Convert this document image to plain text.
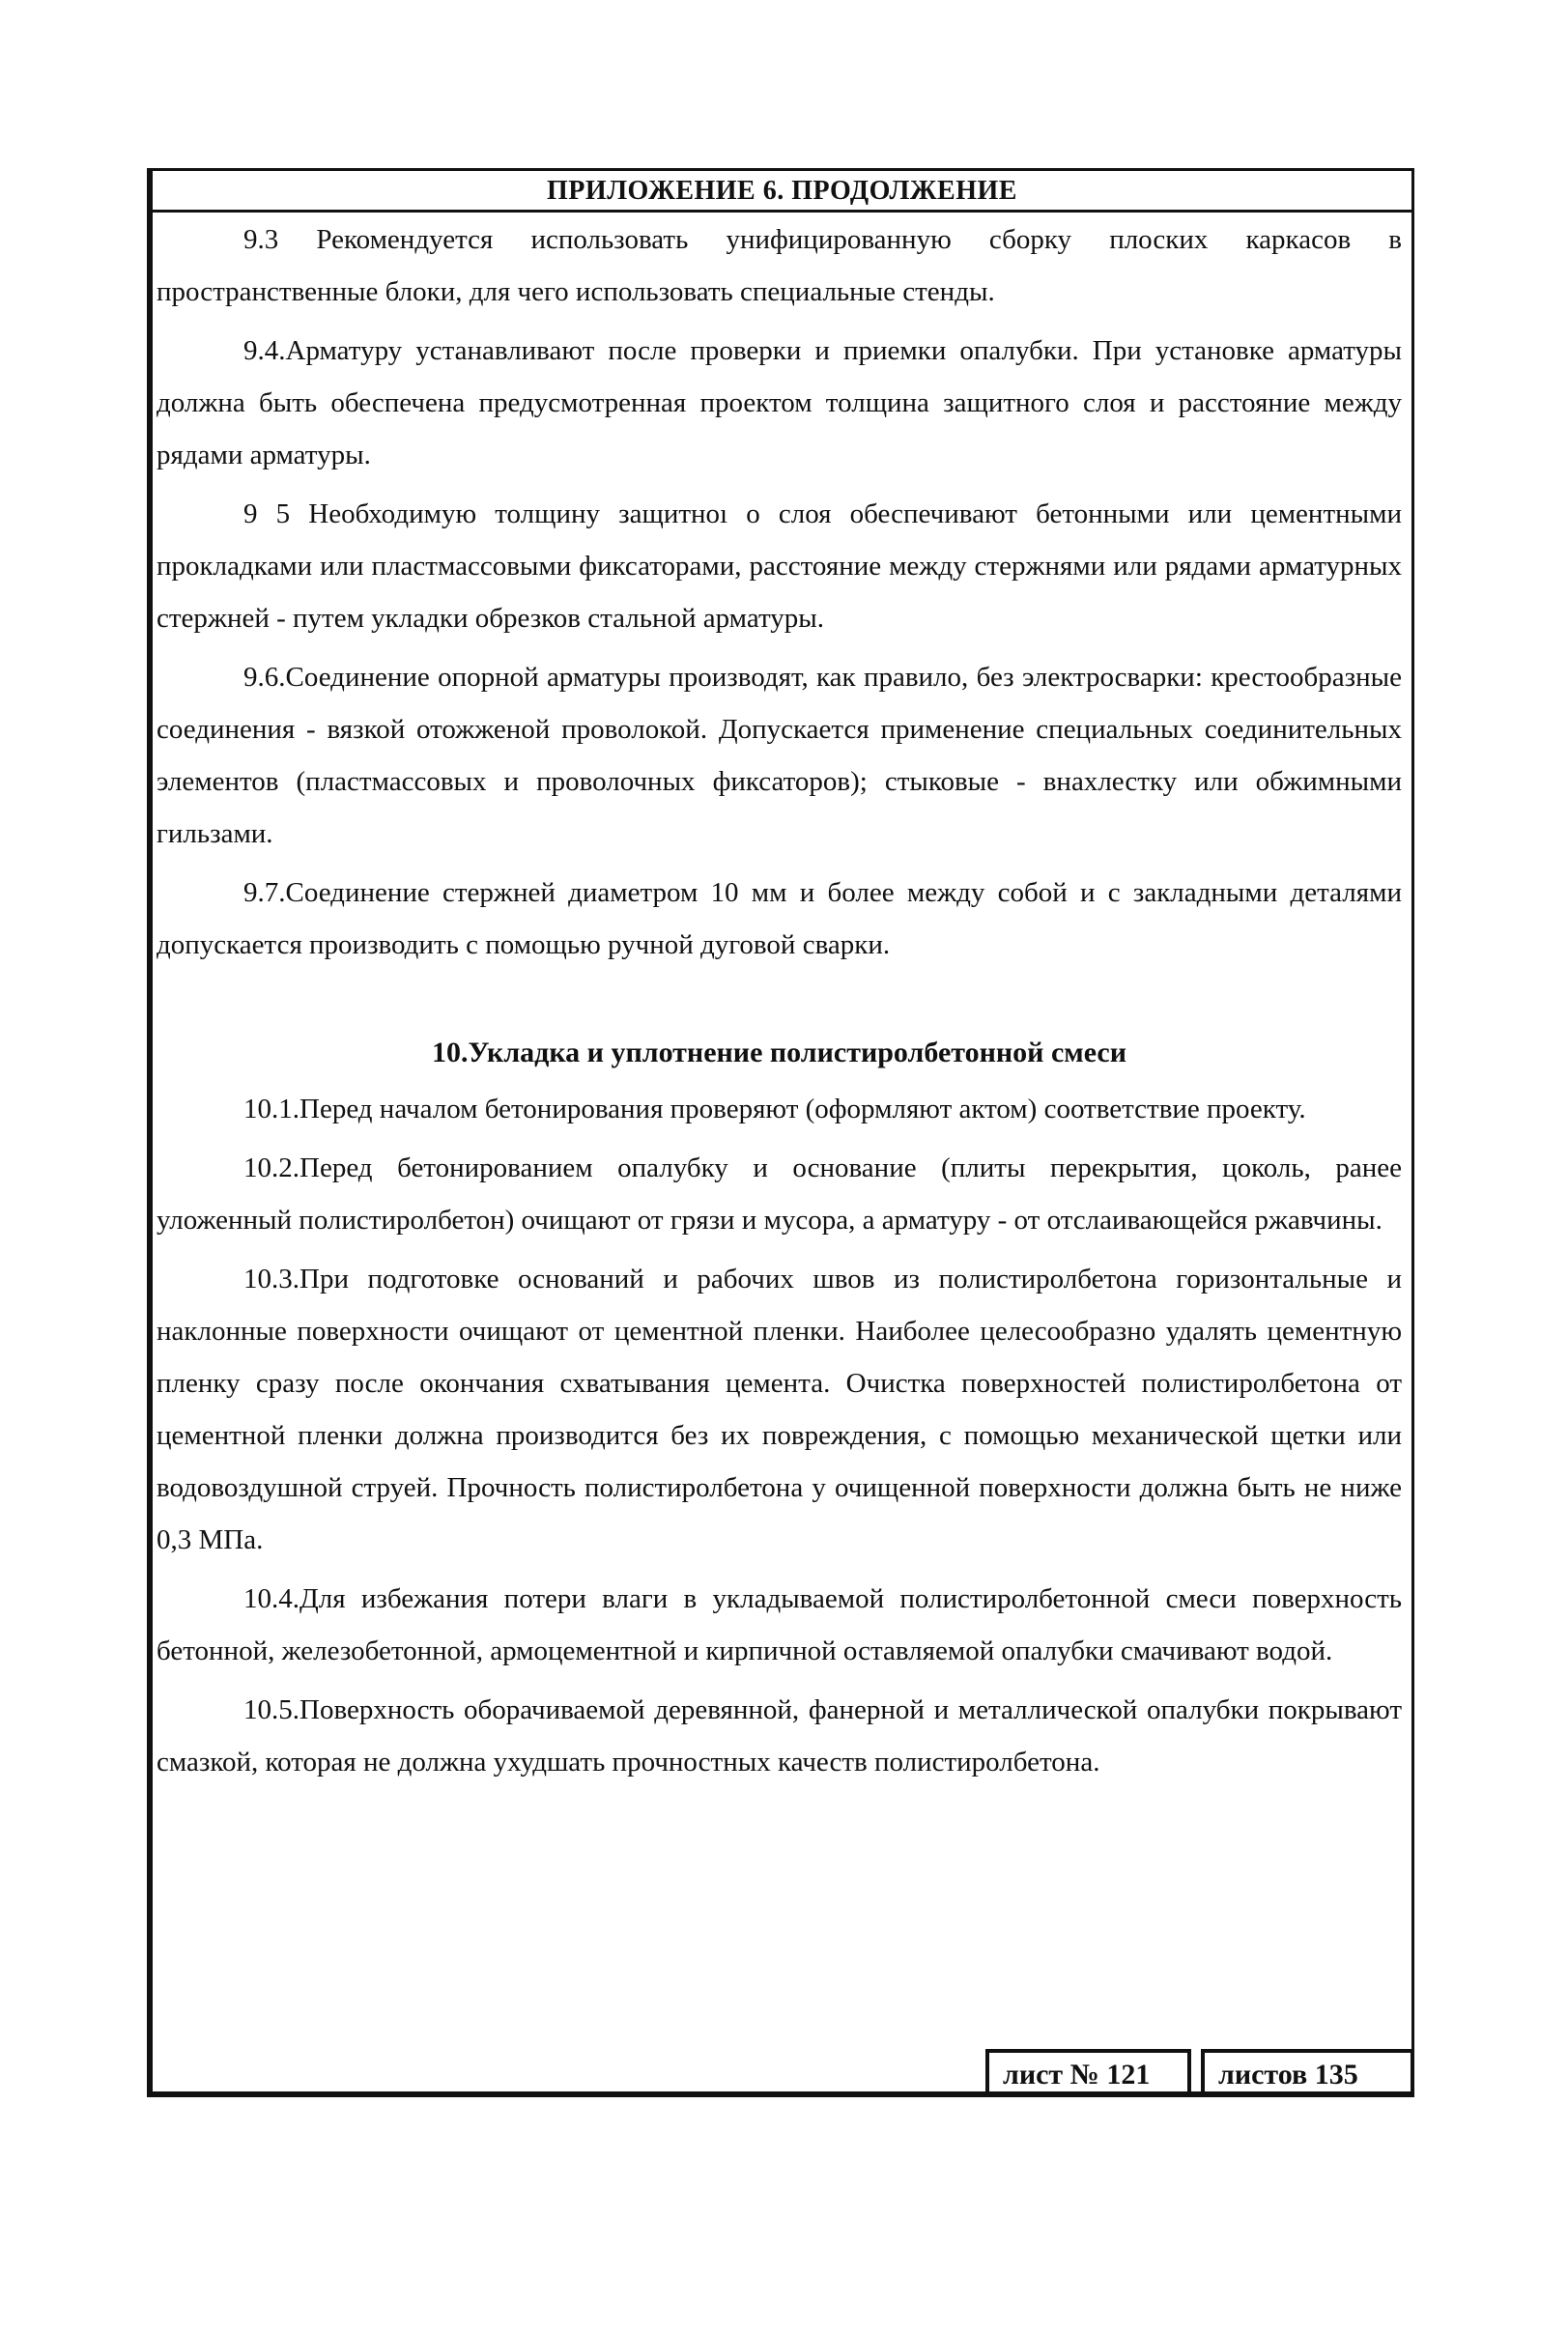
ПРИЛОЖЕНИЕ 6. ПРОДОЛЖЕНИЕ

9.3 Рекомендуется использовать унифицированную сборку плоских каркасов в пространственные блоки, для чего использовать специальные стенды.

9.4.Арматуру устанавливают после проверки и приемки опалубки. При установке арматуры должна быть обеспечена предусмотренная проектом толщина защитного слоя и расстояние между рядами арматуры.

9 5 Необходимую толщину защитноı о слоя обеспечивают бетонными или цементными прокладками или пластмассовыми фиксаторами, расстояние между стержнями или рядами арматурных стержней - путем укладки обрезков стальной арматуры.

9.6.Соединение опорной арматуры производят, как правило, без электросварки: крестообразные соединения - вязкой отожженой проволокой. Допускается применение специальных соединительных элементов (пластмассовых и проволочных фиксаторов); стыковые - внахлестку или обжимными гильзами.

9.7.Соединение стержней диаметром 10 мм и более между собой и с закладными деталями допускается производить с помощью ручной дуговой сварки.

10.Укладка и уплотнение полистиролбетонной смеси

10.1.Перед началом бетонирования проверяют (оформляют актом) соответствие проекту.

10.2.Перед бетонированием опалубку и основание (плиты перекрытия, цоколь, ранее уложенный полистиролбетон) очищают от грязи и мусора, а арматуру - от отслаивающейся ржавчины.

10.3.При подготовке оснований и рабочих швов из полистиролбетона горизонтальные и наклонные поверхности очищают от цементной пленки. Наиболее целесообразно удалять цементную пленку сразу после окончания схватывания цемента. Очистка поверхностей полистиролбетона от цементной пленки должна производится без их повреждения, с помощью механической щетки или водовоздушной струей. Прочность полистиролбетона у очищенной поверхности должна быть не ниже 0,3 МПа.

10.4.Для избежания потери влаги в укладываемой полистиролбетонной смеси поверхность бетонной, железобетонной, армоцементной и кирпичной оставляемой опалубки смачивают водой.

10.5.Поверхность оборачиваемой деревянной, фанерной и металлической опалубки покрывают смазкой, которая не должна ухудшать прочностных качеств полистиролбетона.

лист № 121	листов 135
